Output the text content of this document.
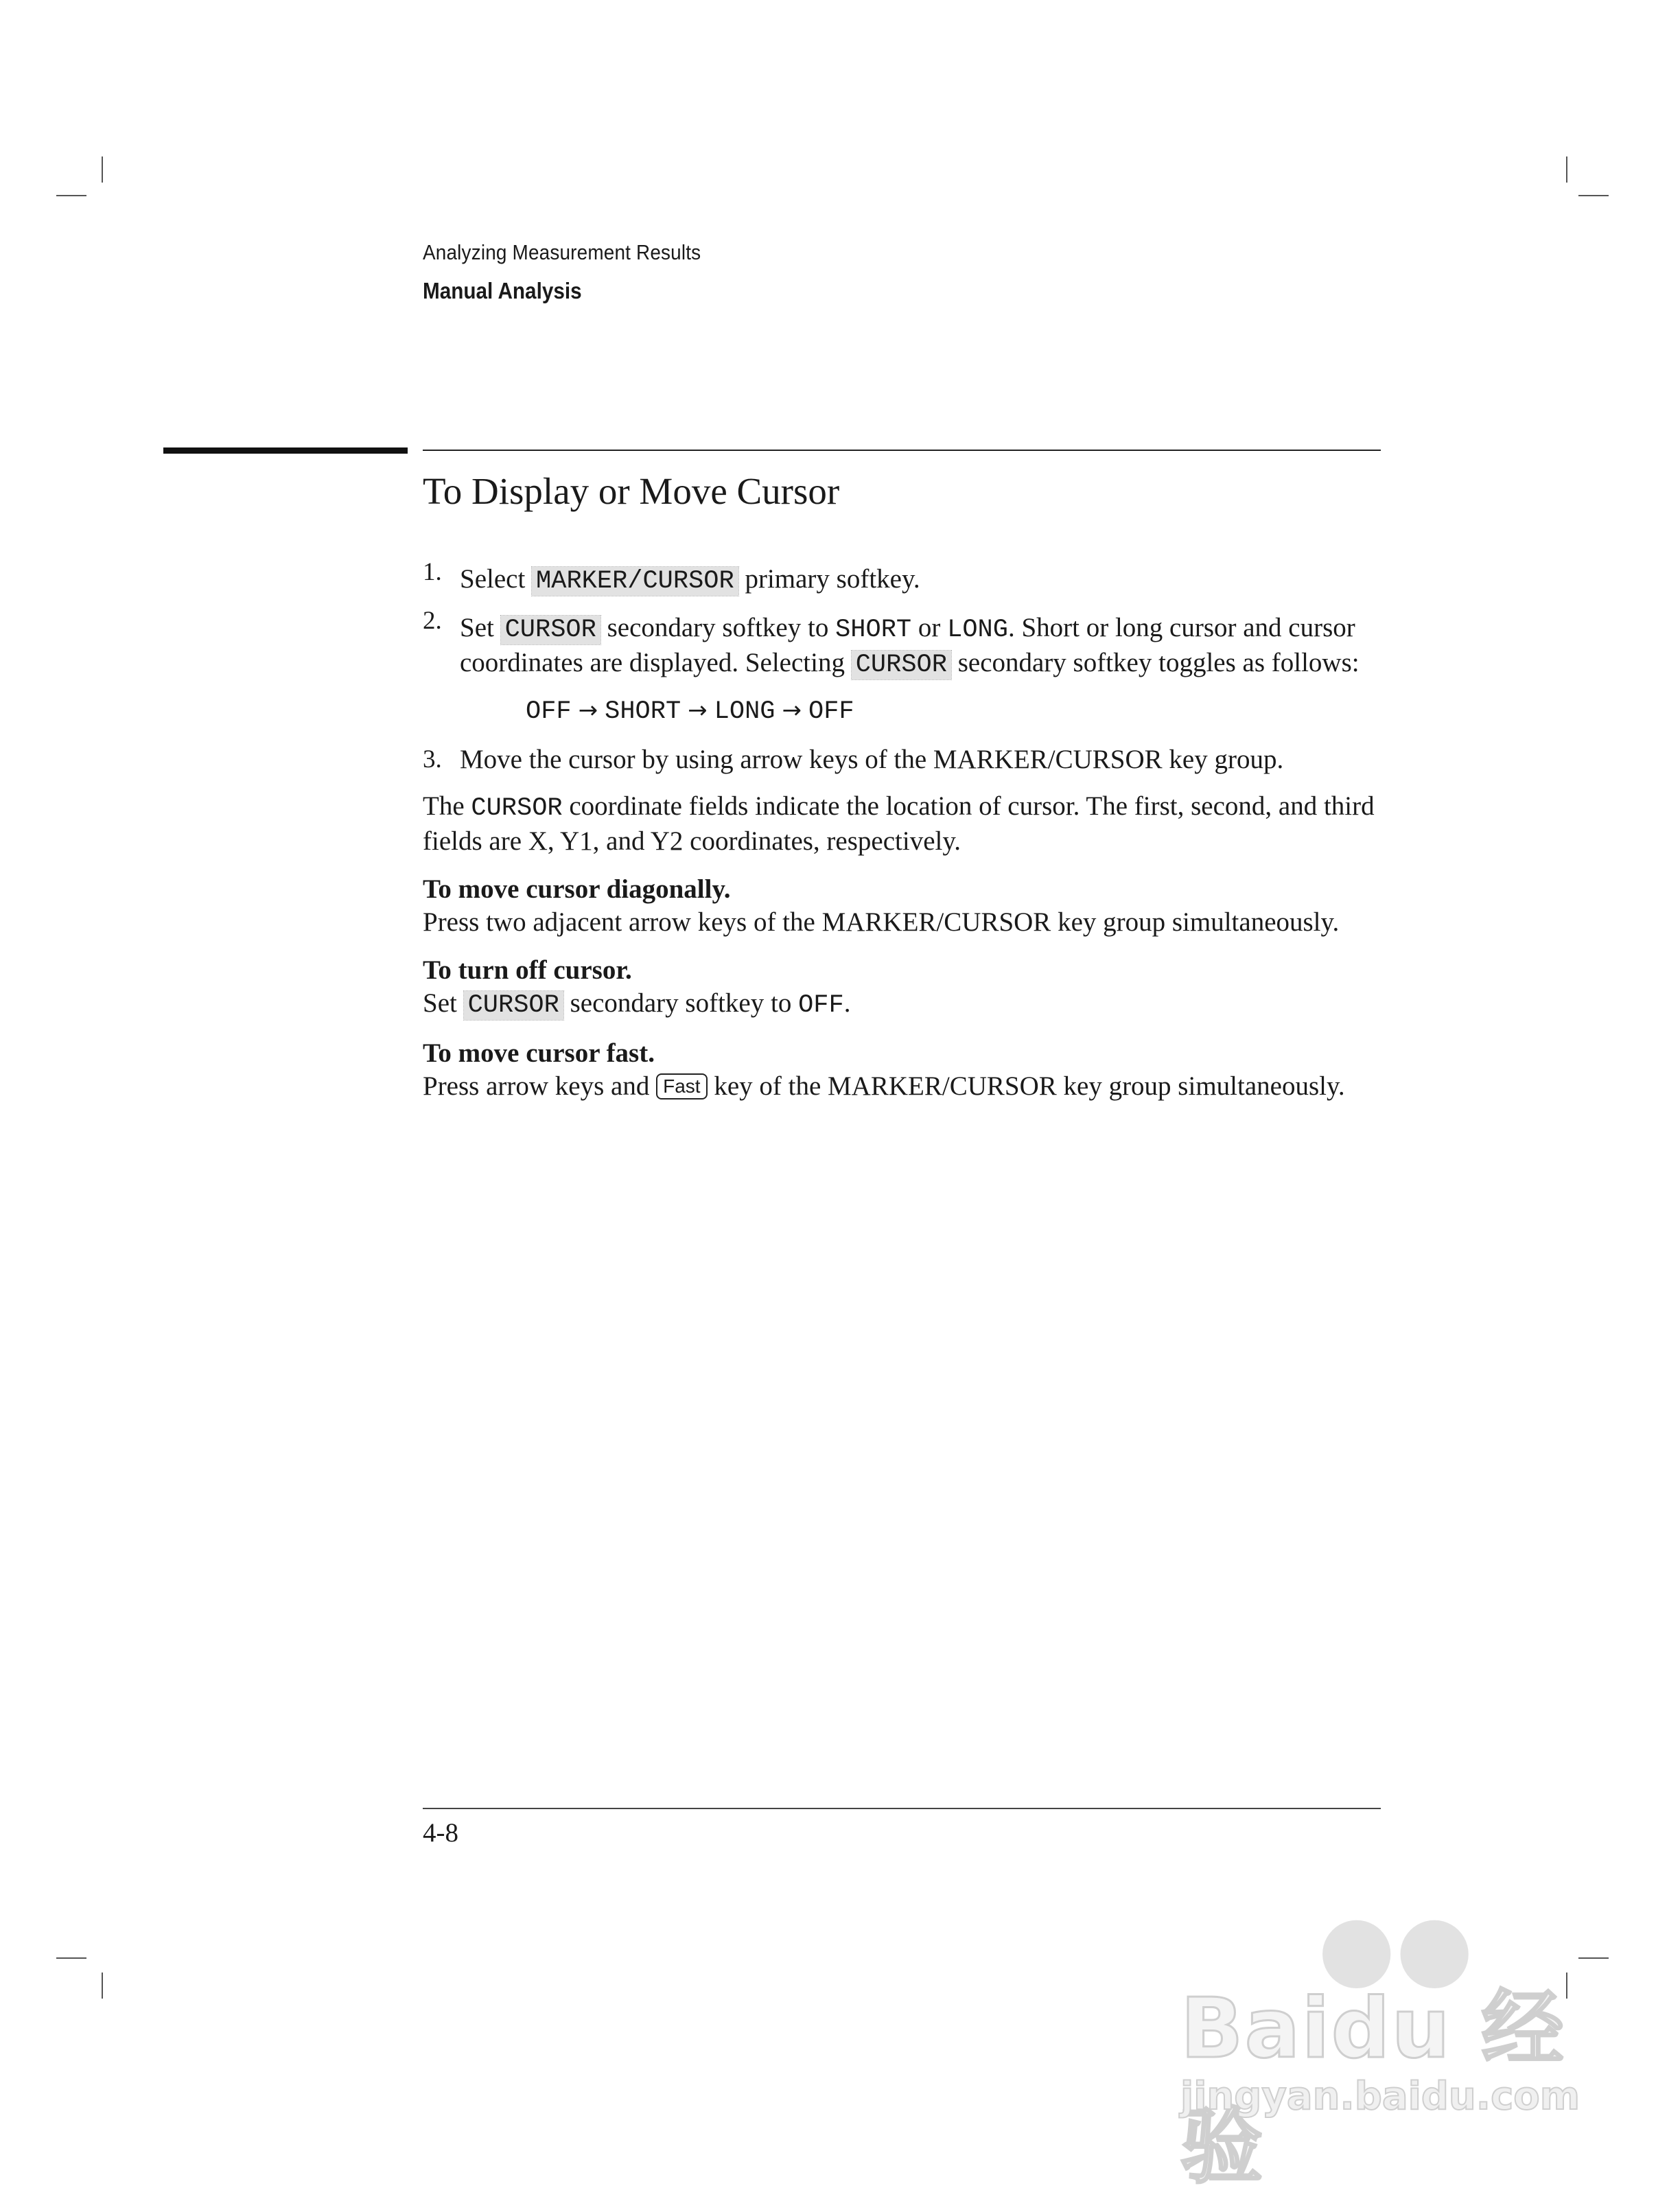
Analyzing Measurement Results
Manual Analysis
To Display or Move Cursor
1. Select MARKER/CURSOR primary softkey.
2. Set CURSOR secondary softkey to SHORT or LONG. Short or long cursor and cursor coordinates are displayed. Selecting CURSOR secondary softkey toggles as follows:
OFF → SHORT → LONG → OFF
3. Move the cursor by using arrow keys of the MARKER/CURSOR key group.
The CURSOR coordinate fields indicate the location of cursor. The first, second, and third fields are X, Y1, and Y2 coordinates, respectively.
To move cursor diagonally.
Press two adjacent arrow keys of the MARKER/CURSOR key group simultaneously.
To turn off cursor.
Set CURSOR secondary softkey to OFF.
To move cursor fast.
Press arrow keys and Fast key of the MARKER/CURSOR key group simultaneously.
4-8
●●
Baidu 经验
jingyan.baidu.com
